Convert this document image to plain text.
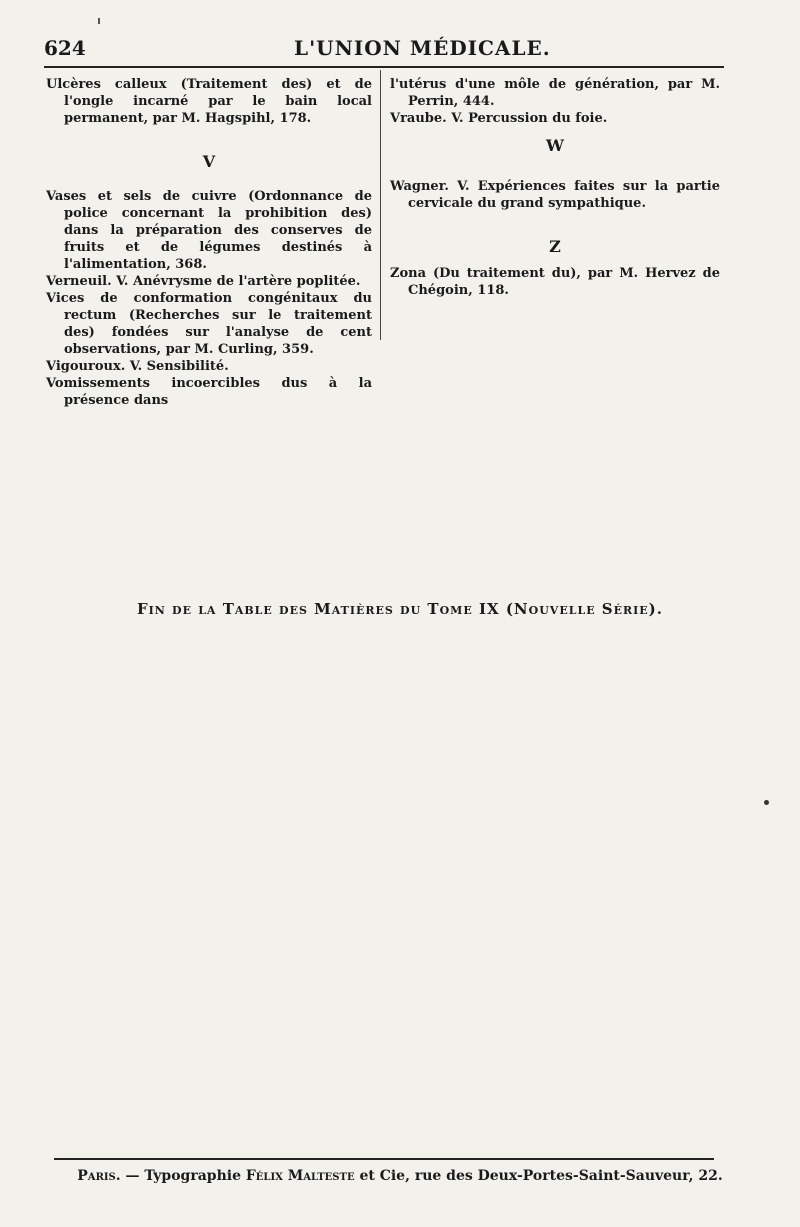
624	L'UNION MÉDICALE.
Ulcères calleux (Traitement des) et de l'ongle incarné par le bain local permanent, par M. Hagspihl, 178.
V
Vases et sels de cuivre (Ordonnance de police concernant la prohibition des) dans la préparation des conserves de fruits et de légumes destinés à l'alimentation, 368.
Verneuil. V. Anévrysme de l'artère poplitée.
Vices de conformation congénitaux du rectum (Recherches sur le traitement des) fondées sur l'analyse de cent observations, par M. Curling, 359.
Vigouroux. V. Sensibilité.
Vomissements incoercibles dus à la présence dans
l'utérus d'une môle de génération, par M. Perrin, 444.
Vraube. V. Percussion du foie.
W
Wagner. V. Expériences faites sur la partie cervicale du grand sympathique.
Z
Zona (Du traitement du), par M. Hervez de Chégoin, 118.
Fin de la Table des Matières du Tome IX (Nouvelle Série).
Paris. — Typographie Félix Malteste et Cie, rue des Deux-Portes-Saint-Sauveur, 22.
